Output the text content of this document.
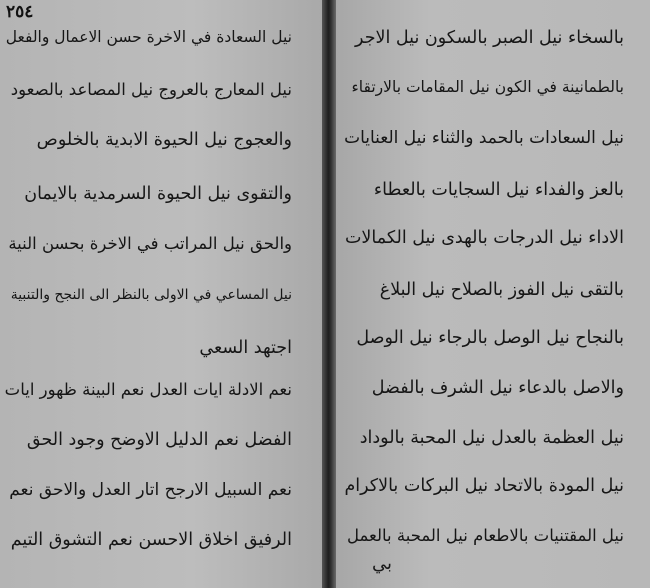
٢٥٤
نيل السعادة في الاخرة حسن الاعمال والفعل
نيل المعارج بالعروج نيل المصاعد بالصعود
والعجوج نيل الحيوة الابدية بالخلوص
والتقوى نيل الحيوة السرمدية بالايمان
والحق نيل المراتب في الاخرة بحسن النية
نيل المساعي في الاولى بالنظر الى النجح والتنبية
اجتهد السعي
نعم الادلة ايات العدل نعم البينة ظهور ايات
الفضل نعم الدليل الاوضح وجود الحق
نعم السبيل الارجح اتار العدل والاحق نعم
الرفيق اخلاق الاحسن نعم التشوق التيم
بالسخاء نيل الصبر بالسكون نيل الاجر
بالطمانينة في الكون نيل المقامات بالارتقاء
نيل السعادات بالحمد والثناء نيل العنايات
بالعز والفداء نيل السجايات بالعطاء
الاداء نيل الدرجات بالهدى نيل الكمالات
بالتقى نيل الفوز بالصلاح نيل البلاغ
بالنجاح نيل الوصل بالرجاء نيل الوصل
والاصل بالدعاء نيل الشرف بالفضل
نيل العظمة بالعدل نيل المحبة بالوداد
نيل المودة بالاتحاد نيل البركات بالاكرام
نيل المقتنيات بالاطعام نيل المحبة بالعمل
بي
